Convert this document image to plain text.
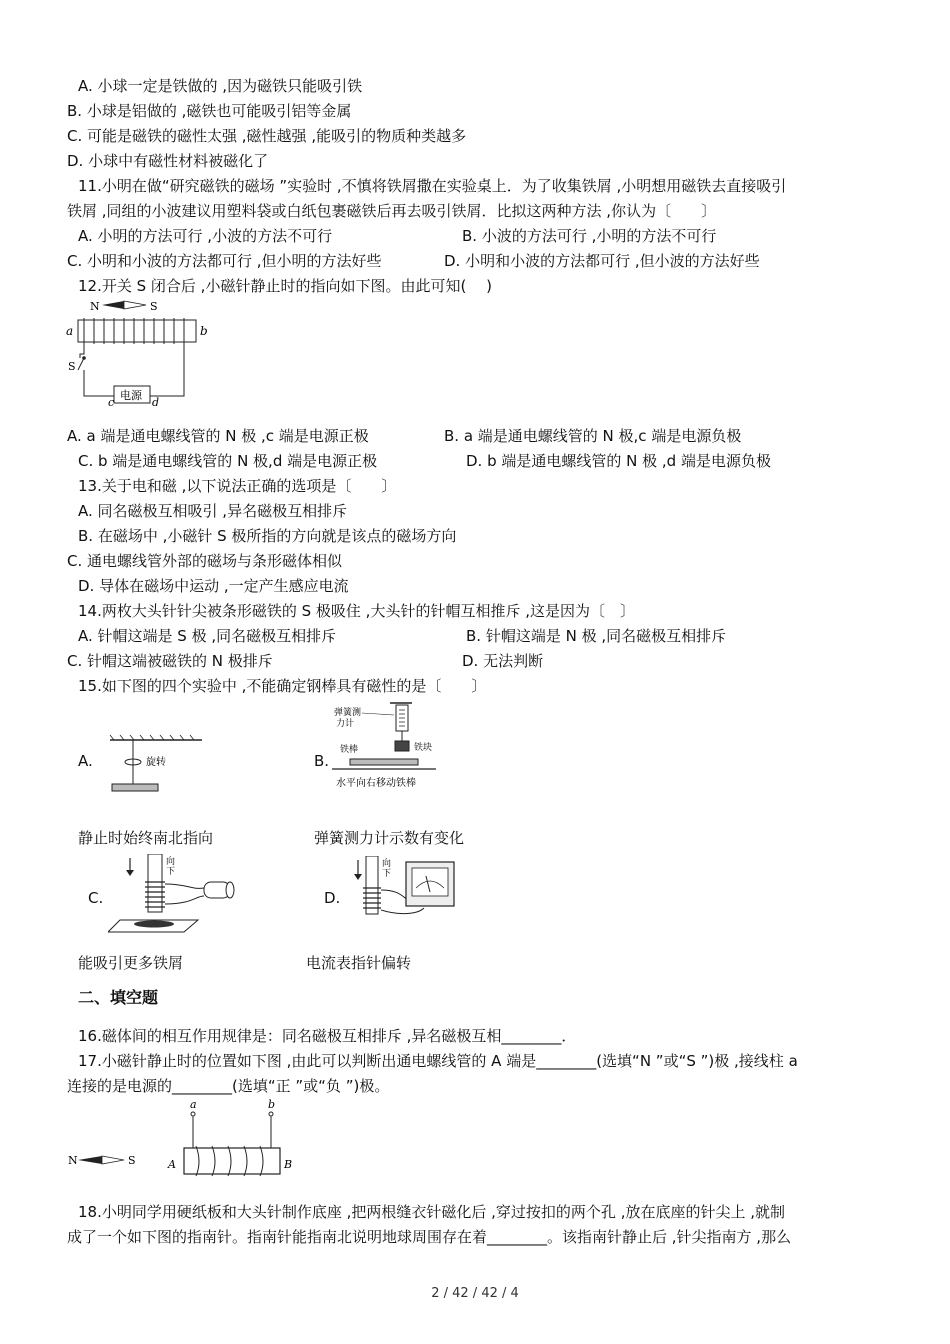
A. 小球一定是铁做的 ,因为磁铁只能吸引铁
B. 小球是铝做的 ,磁铁也可能吸引铝等金属
C. 可能是磁铁的磁性太强 ,磁性越强 ,能吸引的物质种类越多
D. 小球中有磁性材料被磁化了
11.小明在做“研究磁铁的磁场 ”实验时 ,不慎将铁屑撒在实验桌上．为了收集铁屑 ,小明想用磁铁去直接吸引
铁屑 ,同组的小波建议用塑料袋或白纸包裹磁铁后再去吸引铁屑．比拟这两种方法 ,你认为〔　　〕
A. 小明的方法可行 ,小波的方法不可行	B. 小波的方法可行 ,小明的方法不可行
C. 小明和小波的方法都可行 ,但小明的方法好些	D. 小明和小波的方法都可行 ,但小波的方法好些
12.开关 S 闭合后 ,小磁针静止时的指向如下图。由此可知(　 )
N	S
a	b
S
电源
c	d
A. a 端是通电螺线管的 N 极 ,c 端是电源正极	B. a 端是通电螺线管的 N 极,c 端是电源负极
C. b 端是通电螺线管的 N 极,d 端是电源正极	D. b 端是通电螺线管的 N 极 ,d 端是电源负极
13.关于电和磁 ,以下说法正确的选项是〔　　〕
A. 同名磁极互相吸引 ,异名磁极互相排斥
B. 在磁场中 ,小磁针 S 极所指的方向就是该点的磁场方向
C. 通电螺线管外部的磁场与条形磁体相似
D. 导体在磁场中运动 ,一定产生感应电流
14.两枚大头针针尖被条形磁铁的 S 极吸住 ,大头针的针帽互相推斥 ,这是因为〔　〕
A. 针帽这端是 S 极 ,同名磁极互相排斥	B. 针帽这端是 N 极 ,同名磁极互相排斥
C. 针帽这端被磁铁的 N 极排斥	D. 无法判断
15.如下图的四个实验中 ,不能确定钢棒具有磁性的是〔　　〕
A.	旋转
静止时始终南北指向
B.
弹簧测
力计
铁块
铁棒
水平向右移动铁棒
弹簧测力计示数有变化
C.
向
下
能吸引更多铁屑
D.
向
下
电流表指针偏转
二、填空题
16.磁体间的相互作用规律是：同名磁极互相排斥 ,异名磁极互相________．
17.小磁针静止时的位置如下图 ,由此可以判断出通电螺线管的 A 端是________(选填“N ”或“S ”)极 ,接线柱 a
连接的是电源的________(选填“正 ”或“负 ”)极。
N	S
a	b
A	B
18.小明同学用硬纸板和大头针制作底座 ,把两根缝衣针磁化后 ,穿过按扣的两个孔 ,放在底座的针尖上 ,就制
成了一个如下图的指南针。指南针能指南北说明地球周围存在着________。该指南针静止后 ,针尖指南方 ,那么
2 / 42 / 42 / 4
